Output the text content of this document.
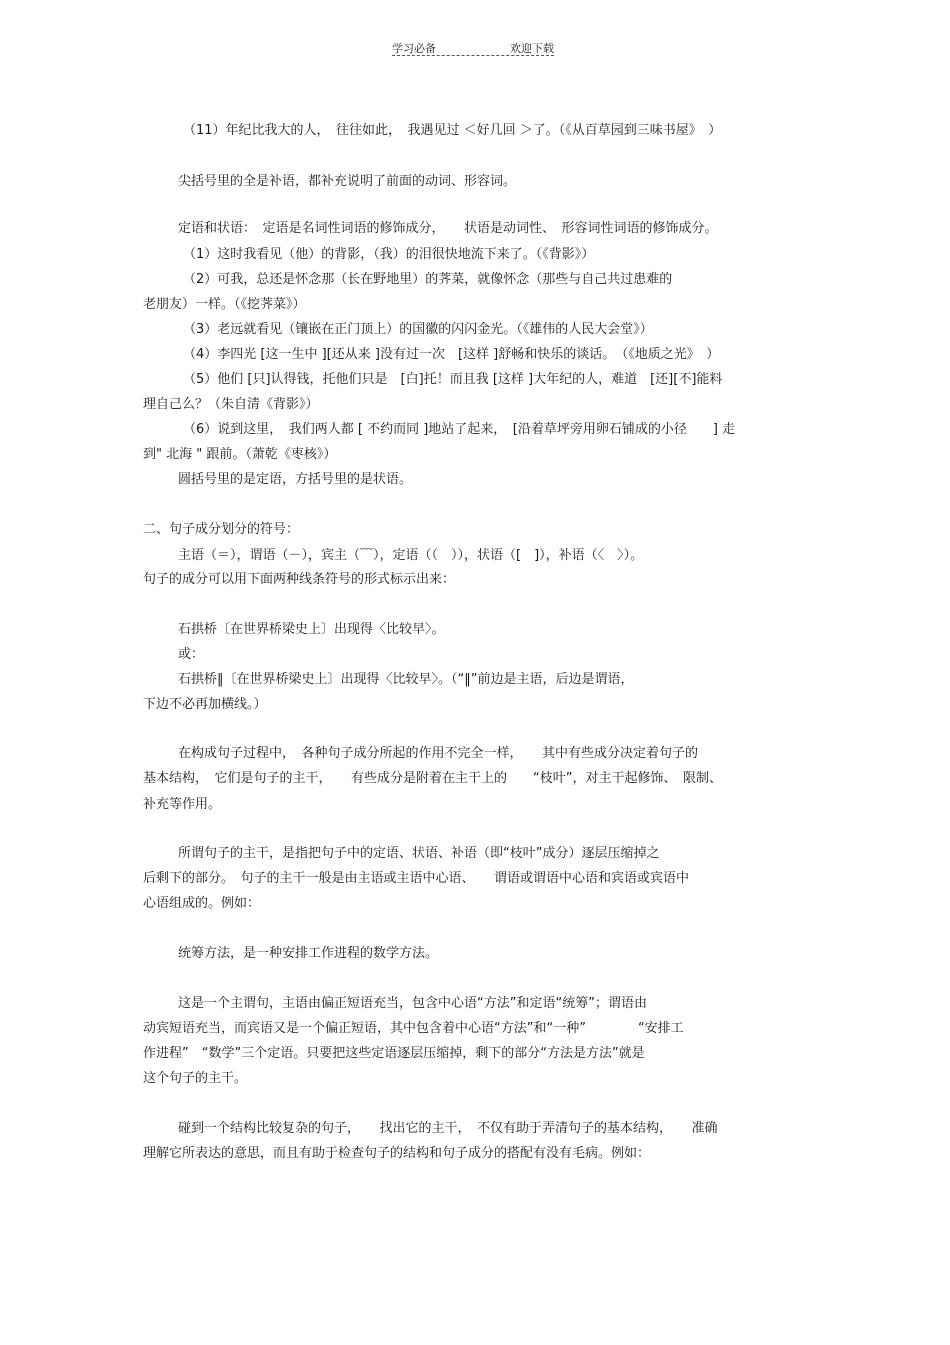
学习必备	欢迎下载
（11）年纪比我大的人，　往往如此，　我遇见过 ＜好几回 ＞了。（《从百草园到三味书屋》　）
尖括号里的全是补语，都补充说明了前面的动词、形容词。
定语和状语：　定语是名词性词语的修饰成分，　　状语是动词性、　形容词性词语的修饰成分。
（1）这时我看见（他）的背影，（我）的泪很快地流下来了。（《背影》）
（2）可我，总还是怀念那（长在野地里）的荠菜，就像怀念（那些与自己共过患难的
老朋友）一样。（《挖荠菜》）
（3）老远就看见（镶嵌在正门顶上）的国徽的闪闪金光。（《雄伟的人民大会堂》）
（4）李四光 [这一生中 ][还从来 ]没有过一次　[这样 ]舒畅和快乐的谈话。　（《地质之光》　）
（5）他们 [只]认得钱，托他们只是　[白]托！而且我 [这样 ]大年纪的人，难道　[还][不]能料
理自己么？（朱自清《背影》）
（6）说到这里，　我们两人都 [ 不约而同 ]地站了起来，　[沿着草坪旁用卵石铺成的小径　　] 走
到" 北海 " 跟前。（萧乾《枣核》）
圆括号里的是定语，方括号里的是状语。
二、句子成分划分的符号：
主语（＝），谓语（－），宾主（﹋），定语（（　）），状语（[　]），补语（〈　〉）。
句子的成分可以用下面两种线条符号的形式标示出来：
石拱桥〔在世界桥梁史上〕出现得〈比较早〉。
或：
石拱桥‖〔在世界桥梁史上〕出现得〈比较早〉。（“‖”前边是主语，后边是谓语，
下边不必再加横线。）
在构成句子过程中，　各种句子成分所起的作用不完全一样，　　其中有些成分决定着句子的
基本结构，　它们是句子的主干，　　有些成分是附着在主干上的　　“枝叶”，对主干起修饰、　限制、
补充等作用。
所谓句子的主干，是指把句子中的定语、状语、补语（即“枝叶”成分）逐层压缩掉之
后剩下的部分。　句子的主干一般是由主语或主语中心语、　　谓语或谓语中心语和宾语或宾语中
心语组成的。例如：
统筹方法，是一种安排工作进程的数学方法。
这是一个主谓句，主语由偏正短语充当，包含中心语“方法”和定语“统筹”；谓语由
动宾短语充当，而宾语又是一个偏正短语，其中包含着中心语“方法”和“一种”　　　　“安排工
作进程”　“数学”三个定语。只要把这些定语逐层压缩掉，剩下的部分“方法是方法”就是
这个句子的主干。
碰到一个结构比较复杂的句子，　　找出它的主干，　不仅有助于弄清句子的基本结构，　　准确
理解它所表达的意思，而且有助于检查句子的结构和句子成分的搭配有没有毛病。例如：
